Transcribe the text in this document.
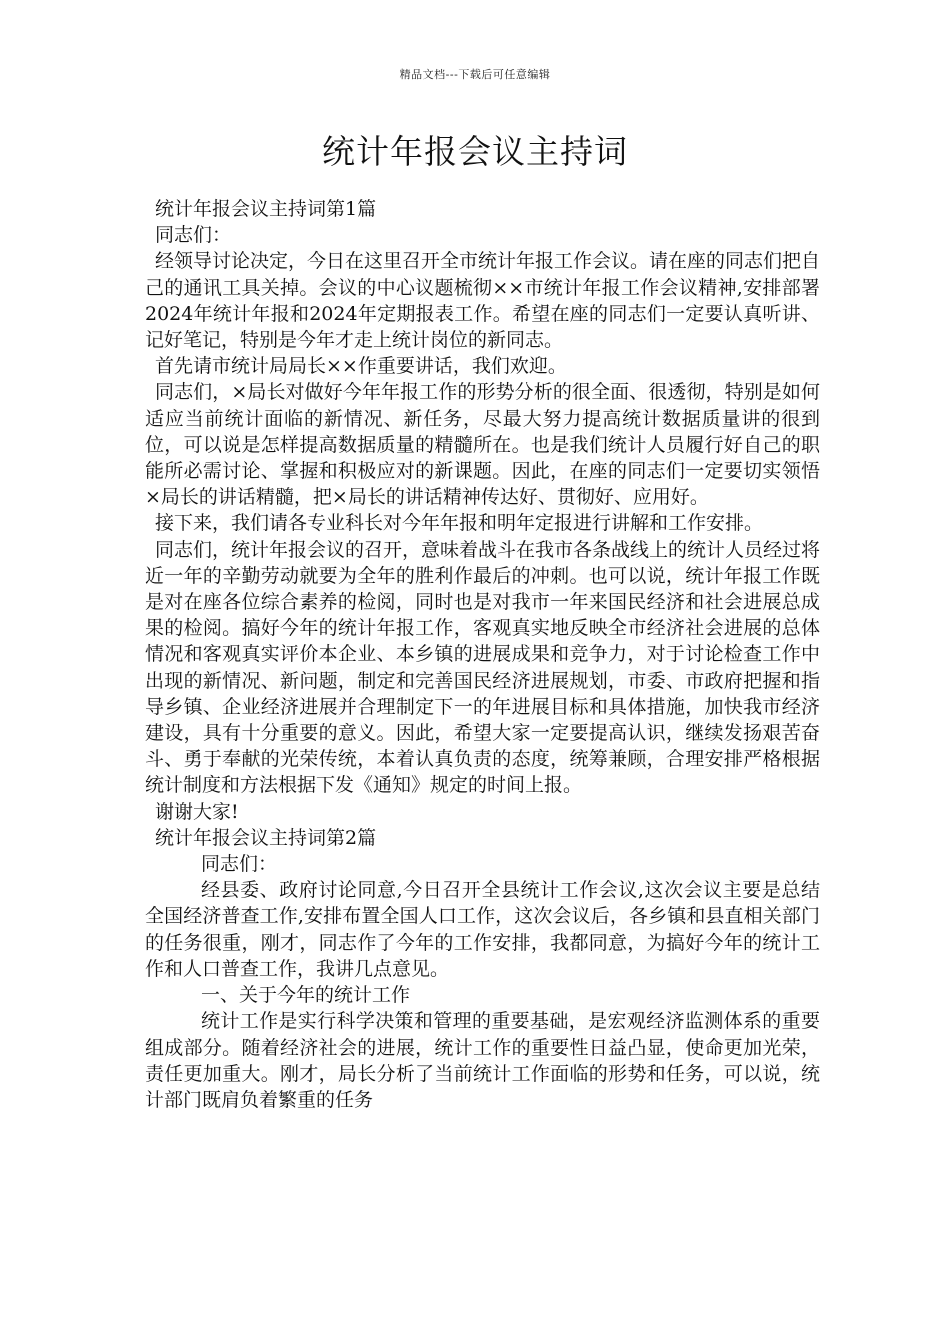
精品文档---下载后可任意编辑
统计年报会议主持词

统计年报会议主持词第1篇

同志们：

经领导讨论决定，今日在这里召开全市统计年报工作会议。请在座的同志们把自己的通讯工具关掉。会议的中心议题梳彻××市统计年报工作会议精神,安排部署2024年统计年报和2024年定期报表工作。希望在座的同志们一定要认真听讲、记好笔记，特别是今年才走上统计岗位的新同志。

首先请市统计局局长××作重要讲话，我们欢迎。

同志们，×局长对做好今年年报工作的形势分析的很全面、很透彻，特别是如何适应当前统计面临的新情况、新任务，尽最大努力提高统计数据质量讲的很到位，可以说是怎样提高数据质量的精髓所在。也是我们统计人员履行好自己的职能所必需讨论、掌握和积极应对的新课题。因此，在座的同志们一定要切实领悟×局长的讲话精髓，把×局长的讲话精神传达好、贯彻好、应用好。

接下来，我们请各专业科长对今年年报和明年定报进行讲解和工作安排。

同志们，统计年报会议的召开，意味着战斗在我市各条战线上的统计人员经过将近一年的辛勤劳动就要为全年的胜利作最后的冲刺。也可以说，统计年报工作既是对在座各位综合素养的检阅，同时也是对我市一年来国民经济和社会进展总成果的检阅。搞好今年的统计年报工作，客观真实地反映全市经济社会进展的总体情况和客观真实评价本企业、本乡镇的进展成果和竞争力，对于讨论检查工作中出现的新情况、新问题，制定和完善国民经济进展规划，市委、市政府把握和指导乡镇、企业经济进展并合理制定下一的年进展目标和具体措施，加快我市经济建设，具有十分重要的意义。因此，希望大家一定要提高认识，继续发扬艰苦奋斗、勇于奉献的光荣传统，本着认真负责的态度，统筹兼顾，合理安排严格根据统计制度和方法根据下发《通知》规定的时间上报。

谢谢大家!

统计年报会议主持词第2篇

同志们：

经县委、政府讨论同意,今日召开全县统计工作会议,这次会议主要是总结全国经济普查工作,安排布置全国人口工作，这次会议后，各乡镇和县直相关部门的任务很重，刚才，同志作了今年的工作安排，我都同意，为搞好今年的统计工作和人口普查工作，我讲几点意见。

一、关于今年的统计工作

统计工作是实行科学决策和管理的重要基础，是宏观经济监测体系的重要组成部分。随着经济社会的进展，统计工作的重要性日益凸显，使命更加光荣，责任更加重大。刚才，局长分析了当前统计工作面临的形势和任务，可以说，统计部门既肩负着繁重的任务
